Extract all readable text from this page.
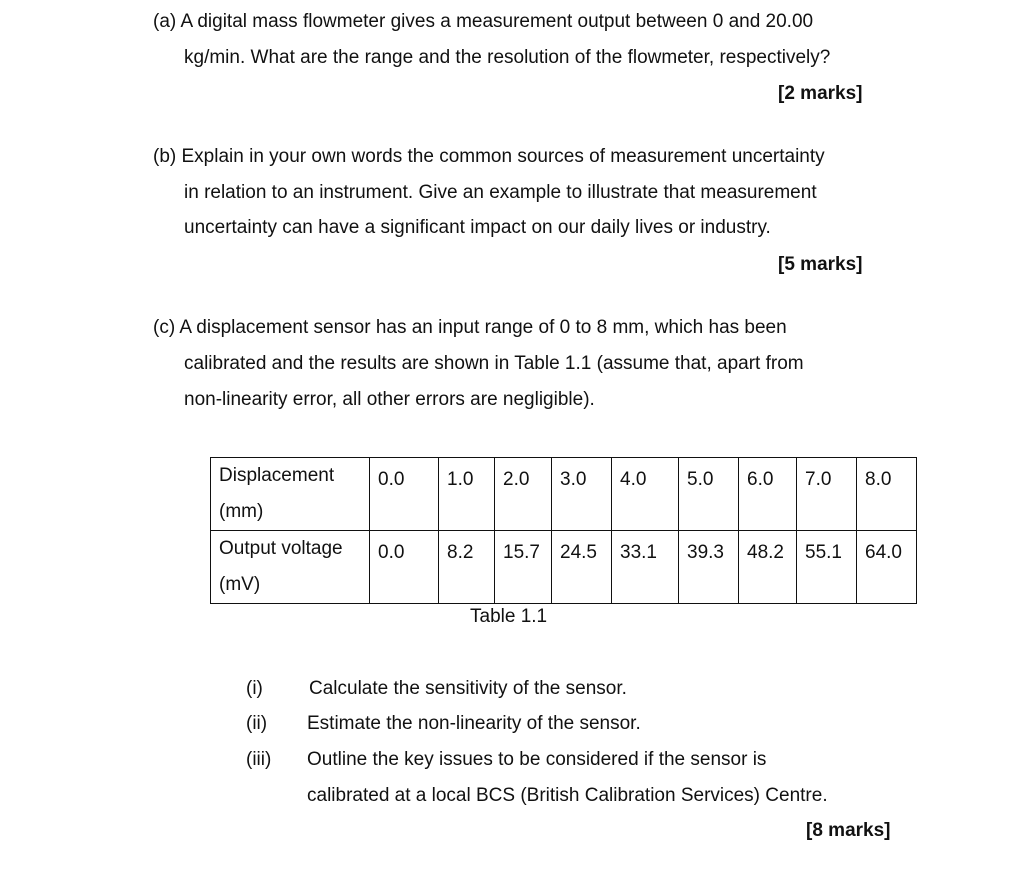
(a) A digital mass flowmeter gives a measurement output between 0 and 20.00
kg/min. What are the range and the resolution of the flowmeter, respectively?
[2 marks]
(b) Explain in your own words the common sources of measurement uncertainty
in relation to an instrument. Give an example to illustrate that measurement
uncertainty can have a significant impact on our daily lives or industry.
[5 marks]
(c) A displacement sensor has an input range of 0 to 8 mm, which has been
calibrated and the results are shown in Table 1.1 (assume that, apart from
non-linearity error, all other errors are negligible).
Displacement
(mm)	0.0	1.0	2.0	3.0	4.0	5.0	6.0	7.0	8.0

Output voltage
(mV)	0.0	8.2	15.7	24.5	33.1	39.3	48.2	55.1	64.0
Table 1.1
(i) Calculate the sensitivity of the sensor.
(ii) Estimate the non-linearity of the sensor.
(iii) Outline the key issues to be considered if the sensor is
calibrated at a local BCS (British Calibration Services) Centre.
[8 marks]
